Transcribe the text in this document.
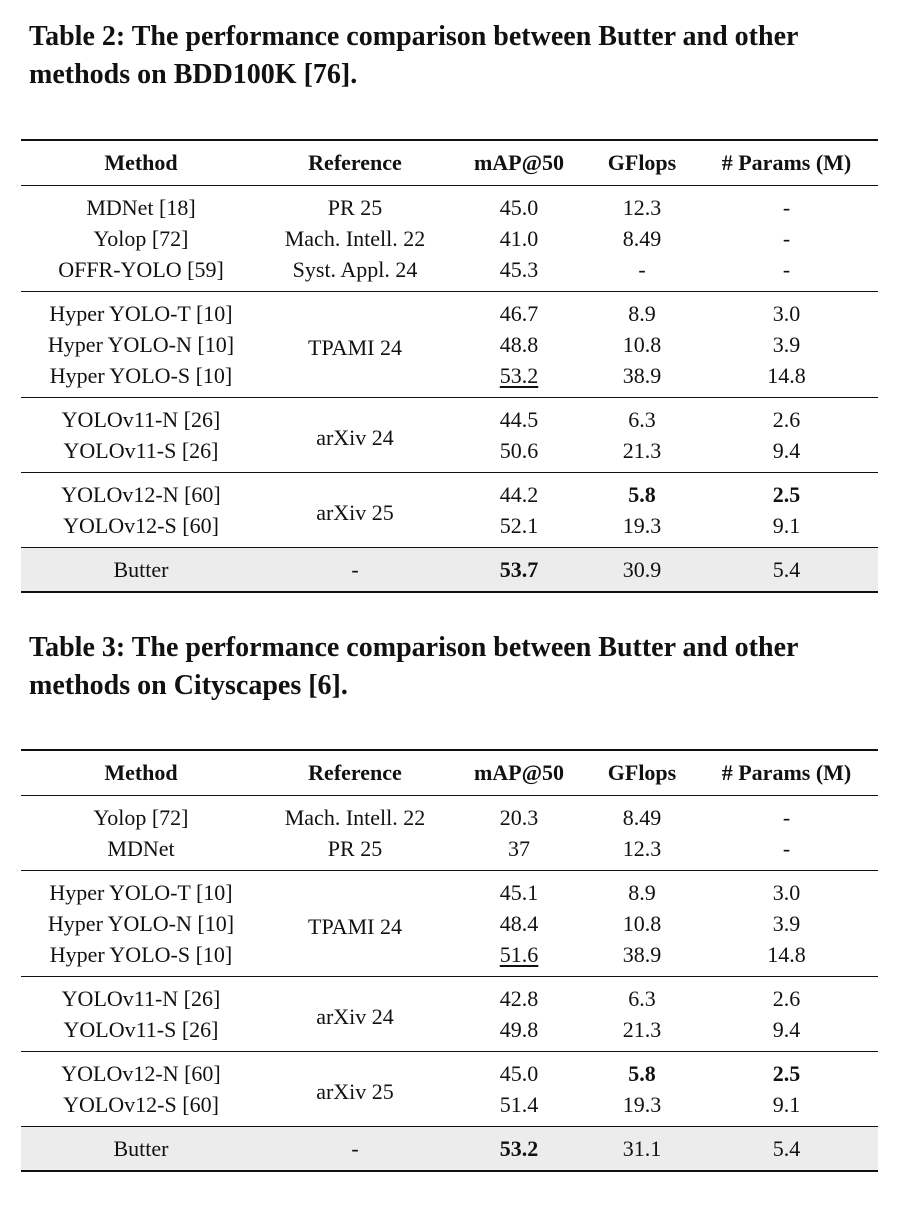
Table 2: The performance comparison between Butter and other methods on BDD100K [76].

Method	Reference	mAP@50	GFlops	# Params (M)
MDNet [18]	PR 25	45.0	12.3	-
Yolop [72]	Mach. Intell. 22	41.0	8.49	-
OFFR-YOLO [59]	Syst. Appl. 24	45.3	-	-
Hyper YOLO-T [10]	TPAMI 24	46.7	8.9	3.0
Hyper YOLO-N [10]		48.8	10.8	3.9
Hyper YOLO-S [10]		53.2	38.9	14.8
YOLOv11-N [26]	arXiv 24	44.5	6.3	2.6
YOLOv11-S [26]		50.6	21.3	9.4
YOLOv12-N [60]	arXiv 25	44.2	5.8	2.5
YOLOv12-S [60]		52.1	19.3	9.1
Butter	-	53.7	30.9	5.4

Table 3: The performance comparison between Butter and other methods on Cityscapes [6].

Method	Reference	mAP@50	GFlops	# Params (M)
Yolop [72]	Mach. Intell. 22	20.3	8.49	-
MDNet	PR 25	37	12.3	-
Hyper YOLO-T [10]	TPAMI 24	45.1	8.9	3.0
Hyper YOLO-N [10]		48.4	10.8	3.9
Hyper YOLO-S [10]		51.6	38.9	14.8
YOLOv11-N [26]	arXiv 24	42.8	6.3	2.6
YOLOv11-S [26]		49.8	21.3	9.4
YOLOv12-N [60]	arXiv 25	45.0	5.8	2.5
YOLOv12-S [60]		51.4	19.3	9.1
Butter	-	53.2	31.1	5.4
